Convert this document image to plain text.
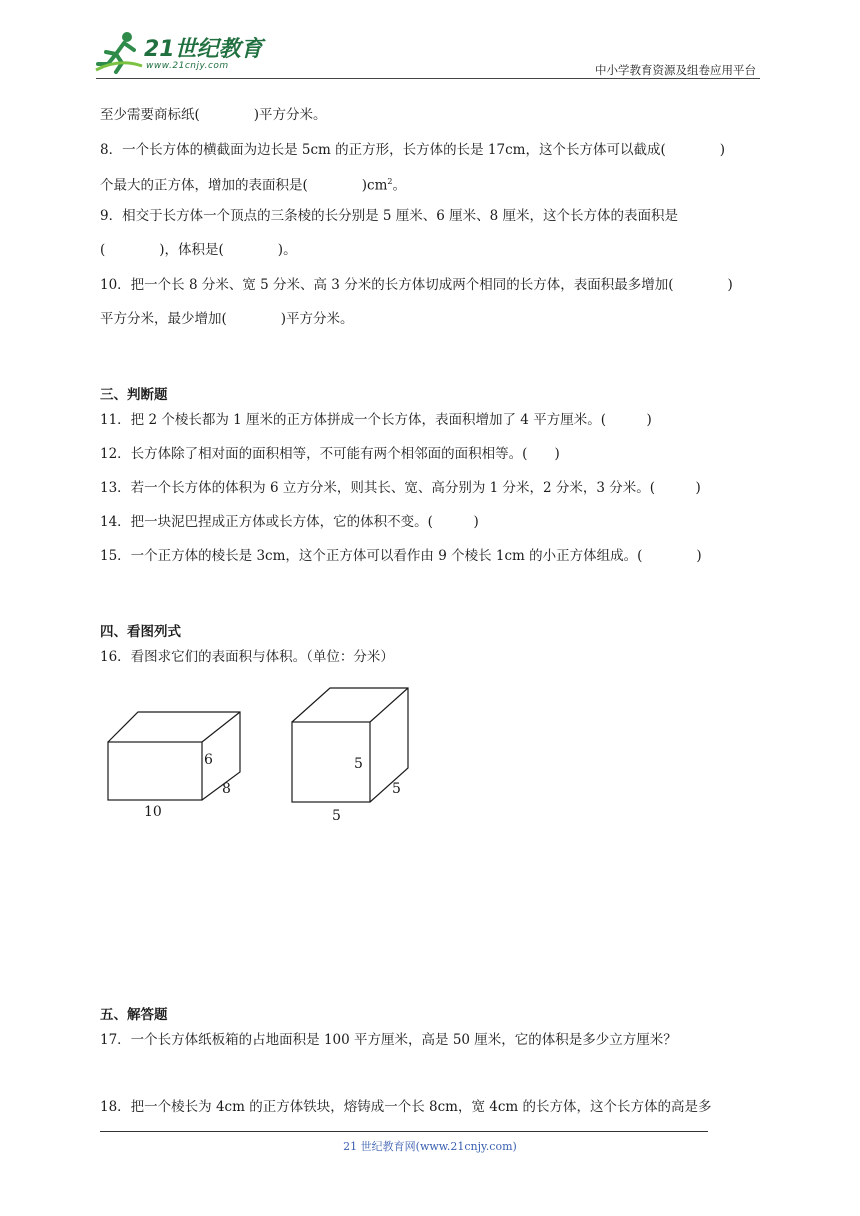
21世纪教育
www.21cnjy.com	中小学教育资源及组卷应用平台
至少需要商标纸(　　　　)平方分米。
8．一个长方体的横截面为边长是 5cm 的正方形，长方体的长是 17cm，这个长方体可以截成(　　　　)
个最大的正方体，增加的表面积是(　　　　)$cm^2$。
9．相交于长方体一个顶点的三条棱的长分别是 5 厘米、6 厘米、8 厘米，这个长方体的表面积是
(　　　　)，体积是(　　　　)。
10．把一个长 8 分米、宽 5 分米、高 3 分米的长方体切成两个相同的长方体，表面积最多增加(　　　　)
平方分米，最少增加(　　　　)平方分米。
三、判断题
11．把 2 个棱长都为 1 厘米的正方体拼成一个长方体，表面积增加了 4 平方厘米。(　　　)
12．长方体除了相对面的面积相等，不可能有两个相邻面的面积相等。(　　)
13．若一个长方体的体积为 6 立方分米，则其长、宽、高分别为 1 分米，2 分米，3 分米。(　　　)
14．把一块泥巴捏成正方体或长方体，它的体积不变。(　　　)
15．一个正方体的棱长是 3cm，这个正方体可以看作由 9 个棱长 1cm 的小正方体组成。(　　　　)
四、看图列式
16．看图求它们的表面积与体积。（单位：分米）
6
8
10
5
5
5
五、解答题
17．一个长方体纸板箱的占地面积是 100 平方厘米，高是 50 厘米，它的体积是多少立方厘米？
18．把一个棱长为 4cm 的正方体铁块，熔铸成一个长 8cm，宽 4cm 的长方体，这个长方体的高是多
21 世纪教育网(www.21cnjy.com)
